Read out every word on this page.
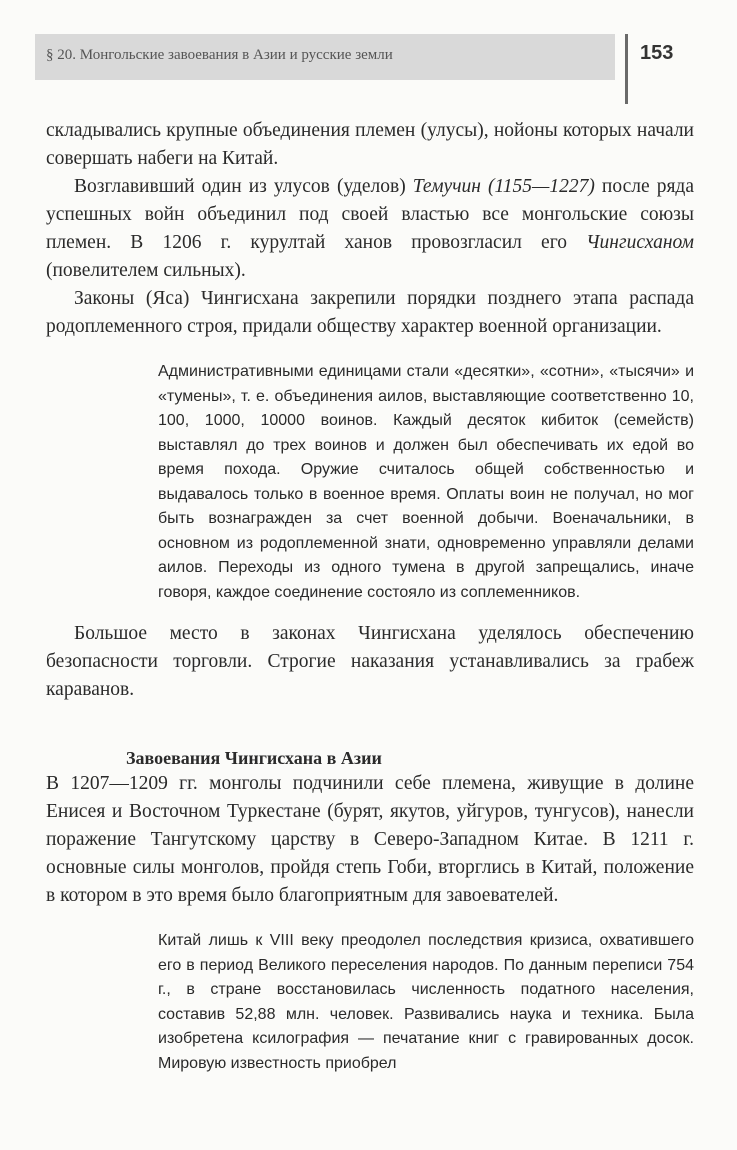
§ 20. Монгольские завоевания в Азии и русские земли	153

складывались крупные объединения племен (улусы), нойоны которых начали совершать набеги на Китай.

Возглавивший один из улусов (уделов) Темучин (1155—1227) после ряда успешных войн объединил под своей властью все монгольские союзы племен. В 1206 г. курултай ханов провозгласил его Чингисханом (повелителем сильных).

Законы (Яса) Чингисхана закрепили порядки позднего этапа распада родоплеменного строя, придали обществу характер военной организации.

Административными единицами стали «десятки», «сотни», «тысячи» и «тумены», т. е. объединения аилов, выставляющие соответственно 10, 100, 1000, 10000 воинов. Каждый десяток кибиток (семейств) выставлял до трех воинов и должен был обеспечивать их едой во время похода. Оружие считалось общей собственностью и выдавалось только в военное время. Оплаты воин не получал, но мог быть вознагражден за счет военной добычи. Военачальники, в основном из родоплеменной знати, одновременно управляли делами аилов. Переходы из одного тумена в другой запрещались, иначе говоря, каждое соединение состояло из соплеменников.

Большое место в законах Чингисхана уделялось обеспечению безопасности торговли. Строгие наказания устанавливались за грабеж караванов.

Завоевания Чингисхана в Азии

В 1207—1209 гг. монголы подчинили себе племена, живущие в долине Енисея и Восточном Туркестане (бурят, якутов, уйгуров, тунгусов), нанесли поражение Тангутскому царству в Северо-Западном Китае. В 1211 г. основные силы монголов, пройдя степь Гоби, вторглись в Китай, положение в котором в это время было благоприятным для завоевателей.

Китай лишь к VIII веку преодолел последствия кризиса, охватившего его в период Великого переселения народов. По данным переписи 754 г., в стране восстановилась численность податного населения, составив 52,88 млн. человек. Развивались наука и техника. Была изобретена ксилография — печатание книг с гравированных досок. Мировую известность приобрел
